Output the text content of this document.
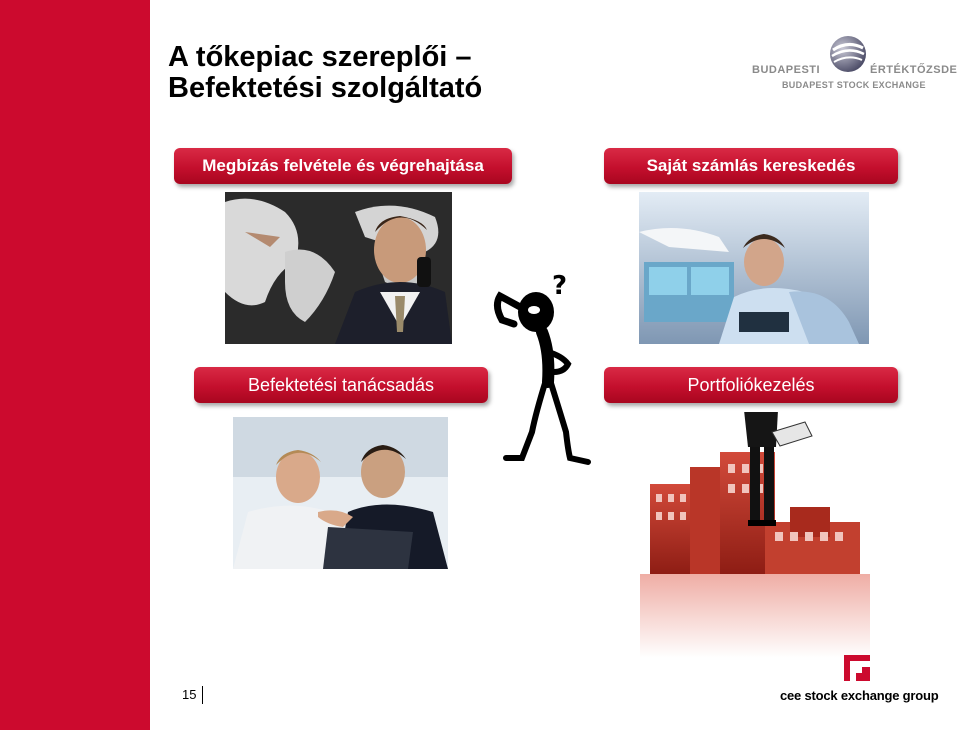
A tőkepiac szereplői –
Befektetési szolgáltató
BUDAPESTI	ÉRTÉKTŐZSDE
BUDAPEST STOCK EXCHANGE
Megbízás felvétele és végrehajtása	Saját számlás kereskedés
Befektetési tanácsadás	Portfoliókezelés
?
15	cee stock exchange group
